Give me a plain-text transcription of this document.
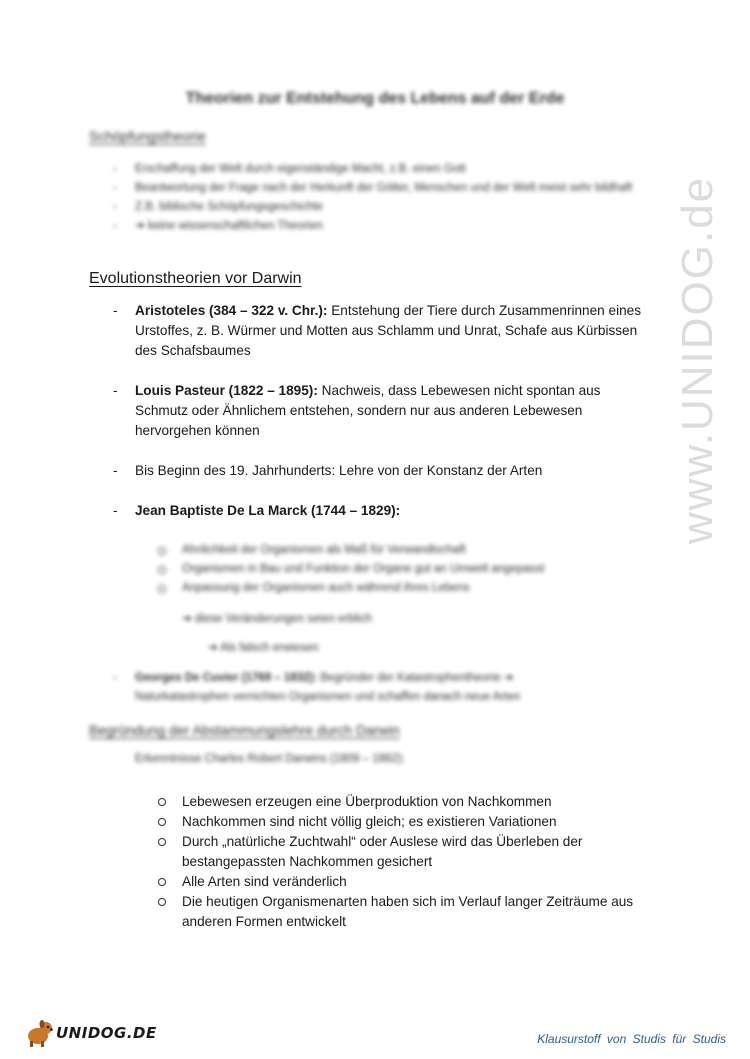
Theorien zur Entstehung des Lebens auf der Erde
Schöpfungstheorie
- Erschaffung der Welt durch eigenständige Macht, z.B. einen Gott
- Beantwortung der Frage nach der Herkunft der Götter, Menschen und der Welt meist sehr bildhaft
- Z.B. biblische Schöpfungsgeschichte
- ➔ keine wissenschaftlichen Theorien
Evolutionstheorien vor Darwin
- Aristoteles (384 – 322 v. Chr.): Entstehung der Tiere durch Zusammenrinnen eines Urstoffes, z. B. Würmer und Motten aus Schlamm und Unrat, Schafe aus Kürbissen des Schafsbaumes
- Louis Pasteur (1822 – 1895): Nachweis, dass Lebewesen nicht spontan aus Schmutz oder Ähnlichem entstehen, sondern nur aus anderen Lebewesen hervorgehen können
- Bis Beginn des 19. Jahrhunderts: Lehre von der Konstanz der Arten
- Jean Baptiste De La Marck (1744 – 1829):
Ähnlichkeit der Organismen als Maß für Verwandtschaft
Organismen in Bau und Funktion der Organe gut an Umwelt angepasst
Anpassung der Organismen auch während ihres Lebens
➔ diese Veränderungen seien erblich
➔ Als falsch erwiesen
- Georges De Cuvier (1769 – 1832): Begründer der Katastrophentheorie ➔ Naturkatastrophen vernichten Organismen und schaffen danach neue Arten
Begründung der Abstammungslehre durch Darwin
Erkenntnisse Charles Robert Darwins (1809 – 1882):
Lebewesen erzeugen eine Überproduktion von Nachkommen
Nachkommen sind nicht völlig gleich; es existieren Variationen
Durch „natürliche Zuchtwahl“ oder Auslese wird das Überleben der bestangepassten Nachkommen gesichert
Alle Arten sind veränderlich
Die heutigen Organismenarten haben sich im Verlauf langer Zeiträume aus anderen Formen entwickelt
www.UNIDOG.de
UNIDOG.DE	Klausurstoff von Studis für Studis
